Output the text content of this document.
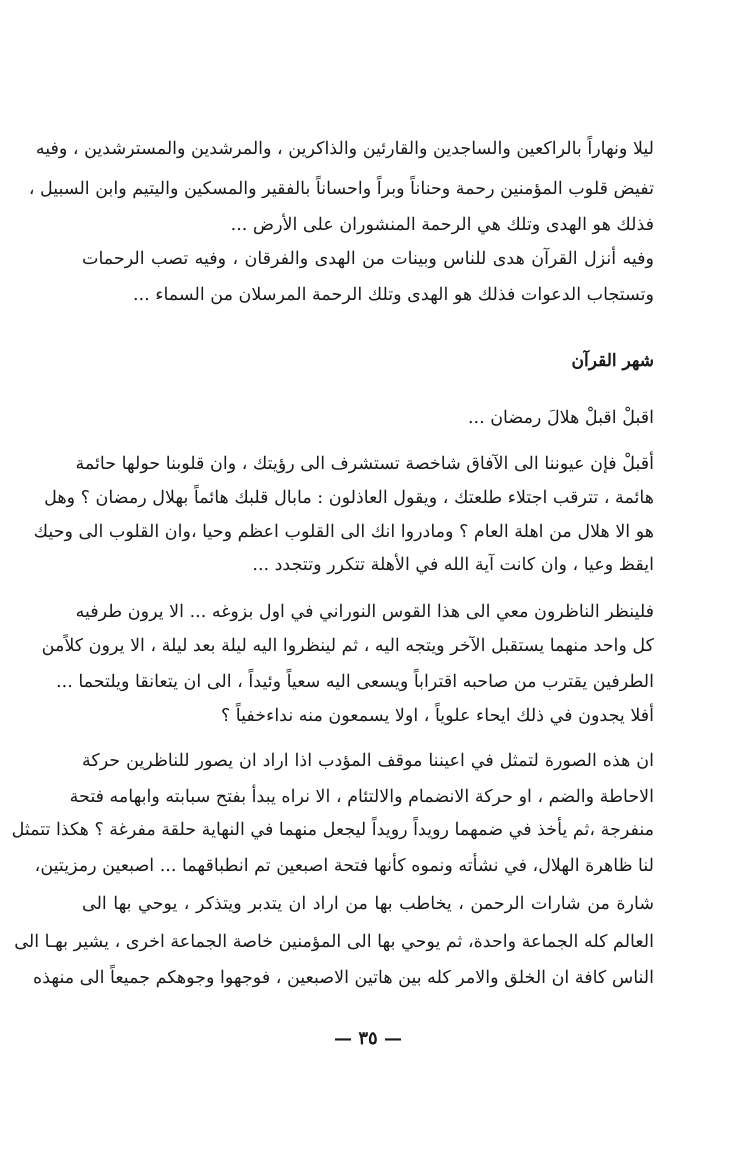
ليلا ونهاراً بالراكعين والساجدين والقارئين والذاكرين ، والمرشدين والمسترشدين ، وفيه
تفيض قلوب المؤمنين رحمة وحناناً وبراً واحساناً بالفقير والمسكين واليتيم وابن السبيل ،
فذلك هو الهدى وتلك هي الرحمة المنشوران على الأرض ...
وفيه أنزل القرآن هدى للناس وبينات من الهدى والفرقان ، وفيه تصب الرحمات
وتستجاب الدعوات فذلك هو الهدى وتلك الرحمة المرسلان من السماء ...
شهر القرآن
اقبلْ اقبلْ هلالَ رمضان ...
أقبلْ فإن عيوننا الى الآفاق شاخصة تستشرف الى رؤيتك ، وان قلوبنا حولها حائمة
هائمة ، تترقب اجتلاء طلعتك ، ويقول العاذلون : مابال قلبك هائماً بهلال رمضان ؟ وهل
هو الا هلال من اهلة العام ؟ ومادروا انك الى القلوب اعظم وحيا ،وان القلوب الى وحيك
ايقظ وعيا ، وان كانت آية الله في الأهلة تتكرر وتتجدد ...
فلينظر الناظرون معي الى هذا القوس النوراني في اول بزوغه ... الا يرون طرفيه
كل واحد منهما يستقبل الآخر ويتجه اليه ، ثم لينظروا اليه ليلة بعد ليلة ، الا يرون كلاًمن
الطرفين يقترب من صاحبه اقتراباً ويسعى اليه سعياً وئيداً ، الى ان يتعانقا ويلتحما ...
أفلا يجدون في ذلك ايحاء علوياً ، اولا يسمعون منه نداءخفياً ؟
ان هذه الصورة لتمثل في اعيننا موقف المؤدب اذا اراد ان يصور للناظرين حركة
الاحاطة والضم ، او حركة الانضمام والالتئام ، الا نراه يبدأ بفتح سبابته وابهامه فتحة
منفرجة ،ثم يأخذ في ضمهما رويداً رويداً ليجعل منهما في النهاية حلقة مفرغة ؟ هكذا تتمثل
لنا ظاهرة الهلال، في نشأته ونموه كأنها فتحة اصبعين تم انطباقهما ... اصبعين رمزيتين،
شارة من شارات الرحمن ، يخاطب بها من اراد ان يتدبر ويتذكر ، يوحي بها الى
العالم كله الجماعة واحدة، ثم يوحي بها الى المؤمنين خاصة الجماعة اخرى ، يشير بهـا الى
الناس كافة ان الخلق والامر كله بين هاتين الاصبعين ، فوجهوا وجوهكم جميعاً الى منهذه
— ٣٥ —
